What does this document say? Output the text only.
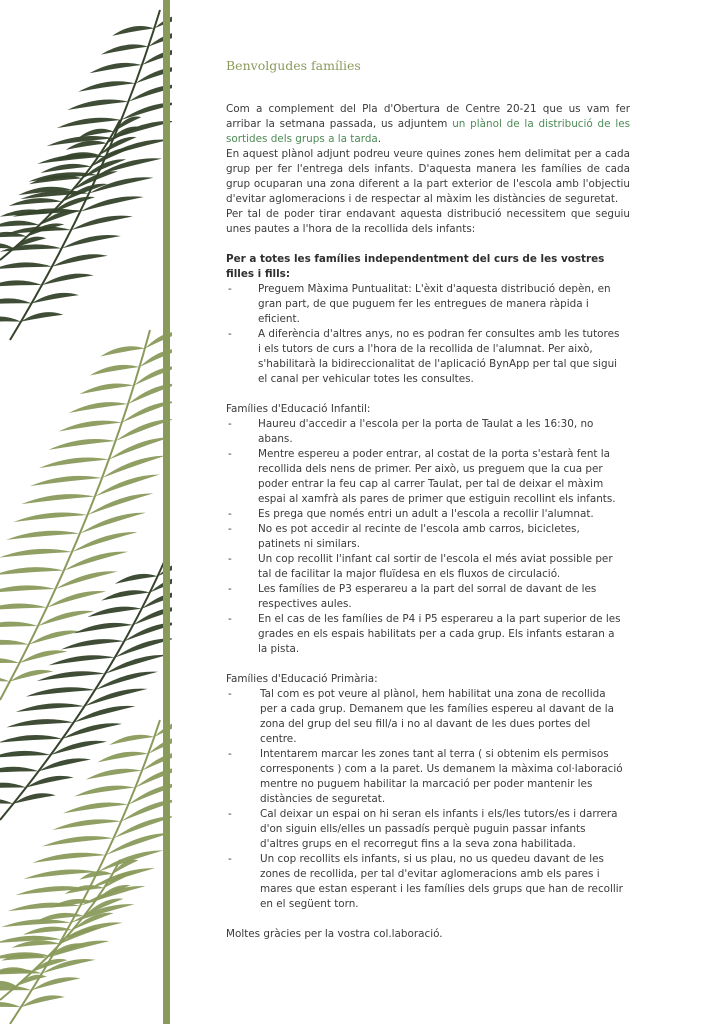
Benvolgudes famílies

Com a complement del Pla d'Obertura de Centre 20-21 que us vam fer arribar la setmana passada, us adjuntem un plànol de la distribució de les sortides dels grups a la tarda.

En aquest plànol adjunt podreu veure quines zones hem delimitat per a cada grup per fer l'entrega dels infants. D'aquesta manera les famílies de cada grup ocuparan una zona diferent a la part exterior de l'escola amb l'objectiu d'evitar aglomeracions i de respectar al màxim les distàncies de seguretat.

Per tal de poder tirar endavant aquesta distribució necessitem que seguiu unes pautes a l'hora de la recollida dels infants:

Per a totes les famílies independentment del curs de les vostres filles i fills:

- Preguem Màxima Puntualitat: L'èxit d'aquesta distribució depèn, en gran part, de que puguem fer les entregues de manera ràpida i eficient.
- A diferència d'altres anys, no es podran fer consultes amb les tutores i els tutors de curs a l'hora de la recollida de l'alumnat. Per això, s'habilitarà la bidireccionalitat de l'aplicació BynApp per tal que sigui el canal per vehicular totes les consultes.

Famílies d'Educació Infantil:

- Haureu d'accedir a l'escola per la porta de Taulat a les 16:30, no abans.
- Mentre espereu a poder entrar, al costat de la porta s'estarà fent la recollida dels nens de primer. Per això, us preguem que la cua per poder entrar la feu cap al carrer Taulat, per tal de deixar el màxim espai al xamfrà als pares de primer que estiguin recollint els infants.
- Es prega que només entri un adult a l'escola a recollir l'alumnat.
- No es pot accedir al recinte de l'escola amb carros, bicicletes, patinets ni similars.
- Un cop recollit l'infant cal sortir de l'escola el més aviat possible per tal de facilitar la major fluïdesa en els fluxos de circulació.
- Les famílies de P3 esperareu a la part del sorral de davant de les respectives aules.
- En el cas de les famílies de P4 i P5 esperareu a la part superior de les grades en els espais habilitats per a cada grup. Els infants estaran a la pista.

Famílies d'Educació Primària:

- Tal com es pot veure al plànol, hem habilitat una zona de recollida per a cada grup. Demanem que les famílies espereu al davant de la zona del grup del seu fill/a i no al davant de les dues portes del centre.
- Intentarem marcar les zones tant al terra ( si obtenim els permisos corresponents ) com a la paret. Us demanem la màxima col·laboració mentre no puguem habilitar la marcació per poder mantenir les distàncies de seguretat.
- Cal deixar un espai on hi seran els infants i els/les tutors/es i darrera d'on siguin ells/elles un passadís perquè puguin passar infants d'altres grups en el recorregut fins a la seva zona habilitada.
- Un cop recollits els infants, si us plau, no us quedeu davant de les zones de recollida, per tal d'evitar aglomeracions amb els pares i mares que estan esperant i les famílies dels grups que han de recollir en el següent torn.

Moltes gràcies per la vostra col.laboració.
